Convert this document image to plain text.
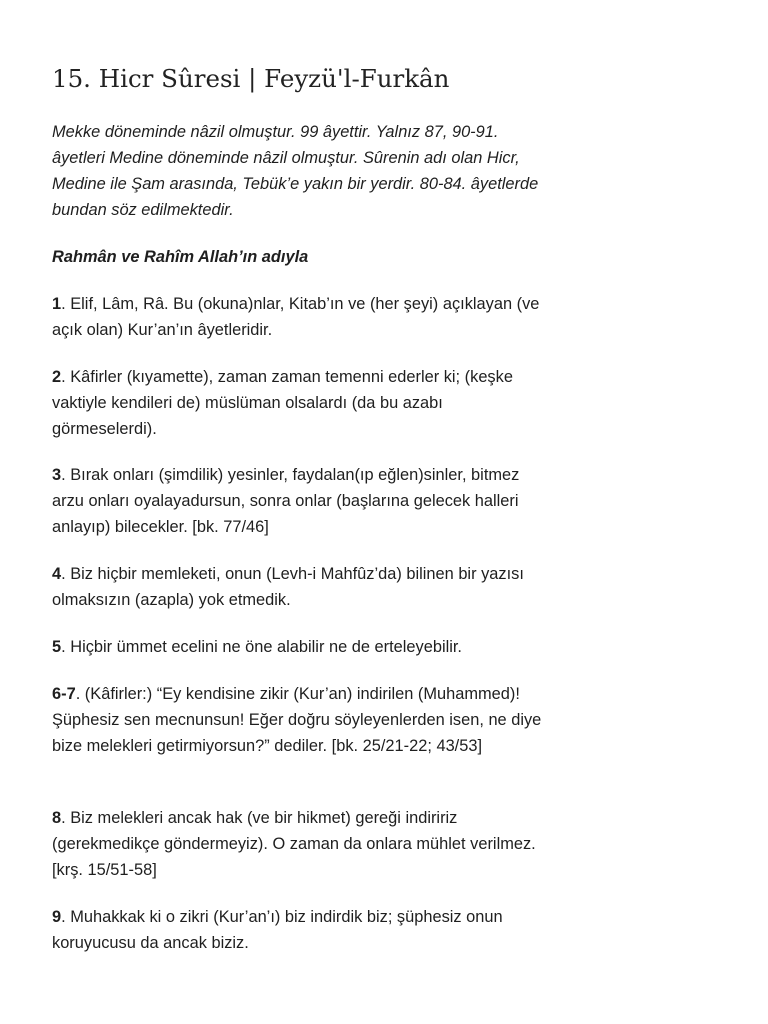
15. Hicr Sûresi | Feyzü'l-Furkân

Mekke döneminde nâzil olmuştur. 99 âyettir. Yalnız 87, 90-91. âyetleri Medine döneminde nâzil olmuştur. Sûrenin adı olan Hicr, Medine ile Şam arasında, Tebük’e yakın bir yerdir. 80-84. âyetlerde bundan söz edilmektedir.

Rahmân ve Rahîm Allah’ın adıyla

1. Elif, Lâm, Râ. Bu (okuna)nlar, Kitab’ın ve (her şeyi) açıklayan (ve açık olan) Kur’an’ın âyetleridir.

2. Kâfirler (kıyamette), zaman zaman temenni ederler ki; (keşke vaktiyle kendileri de) müslüman olsalardı (da bu azabı görmeselerdi).

3. Bırak onları (şimdilik) yesinler, faydalan(ıp eğlen)sinler, bitmez arzu onları oyalayadursun, sonra onlar (başlarına gelecek halleri anlayıp) bilecekler. [bk. 77/46]

4. Biz hiçbir memleketi, onun (Levh-i Mahfûz’da) bilinen bir yazısı olmaksızın (azapla) yok etmedik.

5. Hiçbir ümmet ecelini ne öne alabilir ne de erteleyebilir.

6-7. (Kâfirler:) “Ey kendisine zikir (Kur’an) indirilen (Muhammed)! Şüphesiz sen mecnunsun! Eğer doğru söyleyenlerden isen, ne diye bize melekleri getirmiyorsun?” dediler. [bk. 25/21-22; 43/53]

8. Biz melekleri ancak hak (ve bir hikmet) gereği indiririz (gerekmedikçe göndermeyiz). O zaman da onlara mühlet verilmez. [krş. 15/51-58]

9. Muhakkak ki o zikri (Kur’an’ı) biz indirdik biz; şüphesiz onun koruyucusu da ancak biziz.
